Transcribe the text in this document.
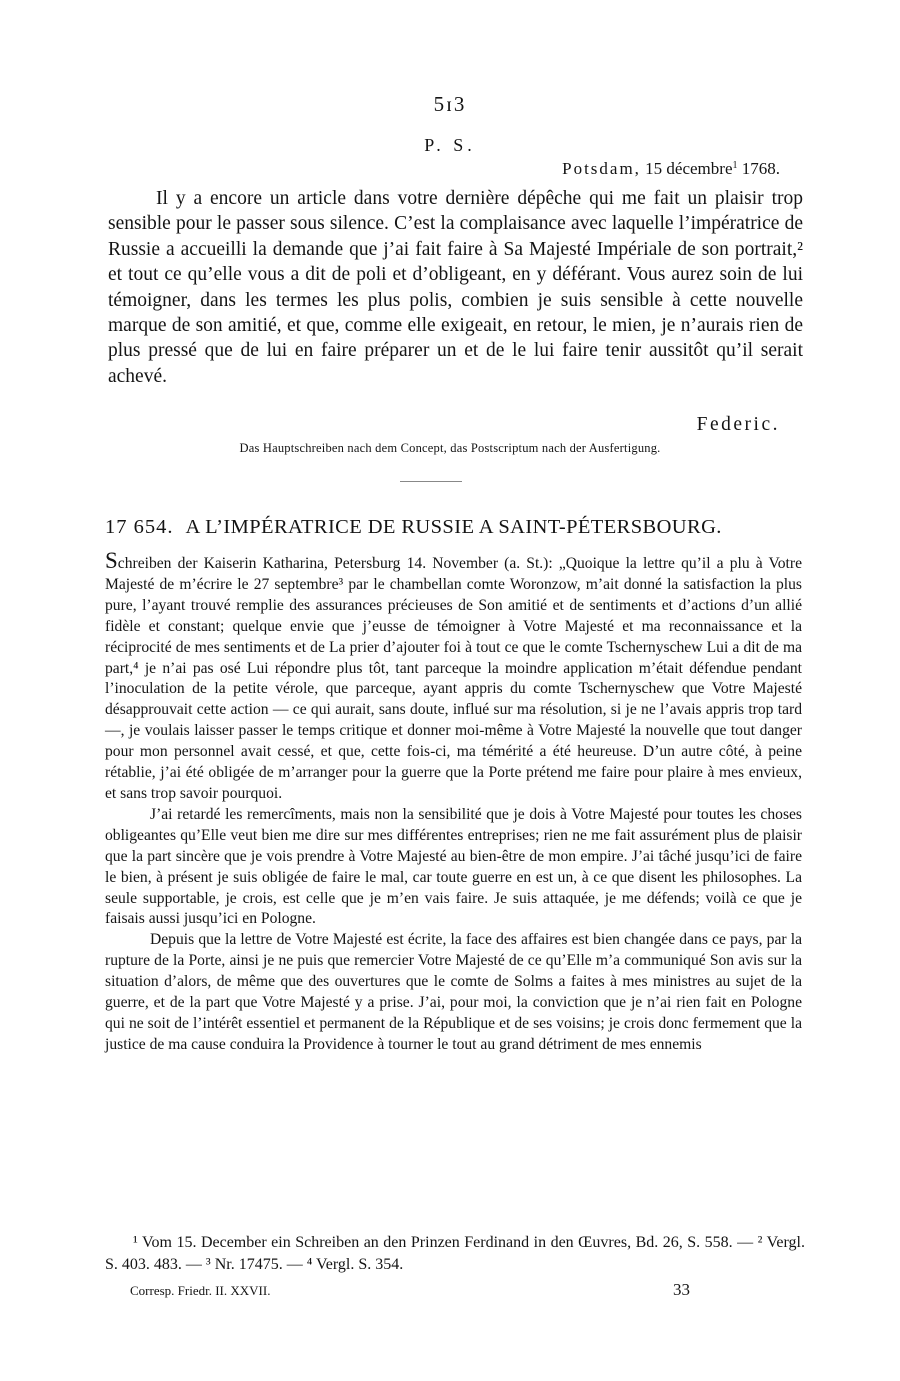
5ɪ3
P. S.
Potsdam, 15 décembre$^1$ 1768.

Il y a encore un article dans votre dernière dépêche qui me fait un plaisir trop sensible pour le passer sous silence. C’est la complaisance avec laquelle l’impératrice de Russie a accueilli la demande que j’ai fait faire à Sa Majesté Impériale de son portrait,² et tout ce qu’elle vous a dit de poli et d’obligeant, en y déférant. Vous aurez soin de lui témoigner, dans les termes les plus polis, combien je suis sensible à cette nouvelle marque de son amitié, et que, comme elle exigeait, en retour, le mien, je n’aurais rien de plus pressé que de lui en faire préparer un et de le lui faire tenir aussitôt qu’il serait achevé.

Federic.
Das Hauptschreiben nach dem Concept, das Postscriptum nach der Ausfertigung.
17 654. A L’IMPÉRATRICE DE RUSSIE A SAINT-PÉTERSBOURG.

Schreiben der Kaiserin Katharina, Petersburg 14. November (a. St.): „Quoique la lettre qu’il a plu à Votre Majesté de m’écrire le 27 septembre³ par le chambellan comte Woronzow, m’ait donné la satisfaction la plus pure, l’ayant trouvé remplie des assurances précieuses de Son amitié et de sentiments et d’actions d’un allié fidèle et constant; quelque envie que j’eusse de témoigner à Votre Majesté et ma reconnaissance et la réciprocité de mes sentiments et de La prier d’ajouter foi à tout ce que le comte Tschernyschew Lui a dit de ma part,⁴ je n’ai pas osé Lui répondre plus tôt, tant parceque la moindre application m’était défendue pendant l’inoculation de la petite vérole, que parceque, ayant appris du comte Tschernyschew que Votre Majesté désapprouvait cette action — ce qui aurait, sans doute, influé sur ma résolution, si je ne l’avais appris trop tard —, je voulais laisser passer le temps critique et donner moi-même à Votre Majesté la nouvelle que tout danger pour mon personnel avait cessé, et que, cette fois-ci, ma témérité a été heureuse. D’un autre côté, à peine rétablie, j’ai été obligée de m’arranger pour la guerre que la Porte prétend me faire pour plaire à mes envieux, et sans trop savoir pourquoi.

J’ai retardé les remercîments, mais non la sensibilité que je dois à Votre Majesté pour toutes les choses obligeantes qu’Elle veut bien me dire sur mes différentes entreprises; rien ne me fait assurément plus de plaisir que la part sincère que je vois prendre à Votre Majesté au bien-être de mon empire. J’ai tâché jusqu’ici de faire le bien, à présent je suis obligée de faire le mal, car toute guerre en est un, à ce que disent les philosophes. La seule supportable, je crois, est celle que je m’en vais faire. Je suis attaquée, je me défends; voilà ce que je faisais aussi jusqu’ici en Pologne.

Depuis que la lettre de Votre Majesté est écrite, la face des affaires est bien changée dans ce pays, par la rupture de la Porte, ainsi je ne puis que remercier Votre Majesté de ce qu’Elle m’a communiqué Son avis sur la situation d’alors, de même que des ouvertures que le comte de Solms a faites à mes ministres au sujet de la guerre, et de la part que Votre Majesté y a prise. J’ai, pour moi, la conviction que je n’ai rien fait en Pologne qui ne soit de l’intérêt essentiel et permanent de la République et de ses voisins; je crois donc fermement que la justice de ma cause conduira la Providence à tourner le tout au grand détriment de mes ennemis

¹ Vom 15. December ein Schreiben an den Prinzen Ferdinand in den Œuvres, Bd. 26, S. 558. — ² Vergl. S. 403. 483. — ³ Nr. 17475. — ⁴ Vergl. S. 354.

Corresp. Friedr. II. XXVII.	33
